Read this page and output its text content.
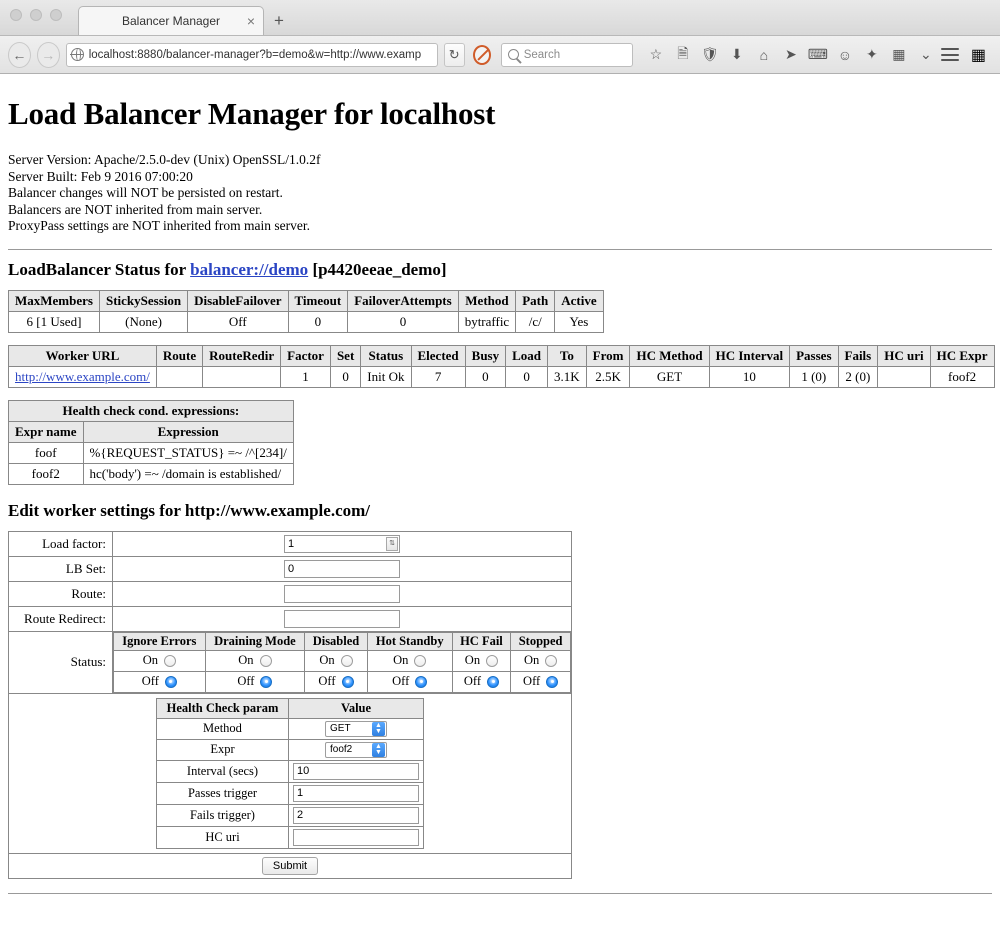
Balancer Manager ×	+
←	→	localhost:8880/balancer-manager?b=demo&w=http://www.examp	↻	Search	☆ 🗎 🛡 ⬇	⌂	➤ ⌨ ☺ ✦ ▦ ⌄ ▦
Load Balancer Manager for localhost
Server Version: Apache/2.5.0-dev (Unix) OpenSSL/1.0.2f
Server Built: Feb 9 2016 07:00:20
Balancer changes will NOT be persisted on restart.
Balancers are NOT inherited from main server.
ProxyPass settings are NOT inherited from main server.
LoadBalancer Status for balancer://demo [p4420eeae_demo]
MaxMembers	StickySession	DisableFailover	Timeout	FailoverAttempts	Method	Path	Active
6 [1 Used]	(None)	Off	0	0	bytraffic	/c/	Yes
Worker URL	Route	RouteRedir	Factor	Set	Status	Elected	Busy	Load	To	From	HC Method	HC Interval	Passes	Fails	HC uri	HC Expr
http://www.example.com/			1	0	Init Ok	7	0	0	3.1K	2.5K	GET	10	1 (0)	2 (0)		foof2
Health check cond. expressions:	
Expr name	Expression
foof	%{REQUEST_STATUS} =~ /^[234]/
foof2	hc('body') =~ /domain is established/
Edit worker settings for http://www.example.com/
Load factor:	
1⇅

LB Set:	
0

Route:	

Route Redirect:	

Status:	
Ignore Errors	Draining Mode	Disabled	Hot Standby	HC Fail	Stopped

On	On	On	On	On	On

Off	Off	Off	Off	Off	Off

Health Check param	Value
Method	GET	▲
▼

Expr	foof2	▲
▼

Interval (secs)	10
Passes trigger	1
Fails trigger)	2
HC uri	

Submit
